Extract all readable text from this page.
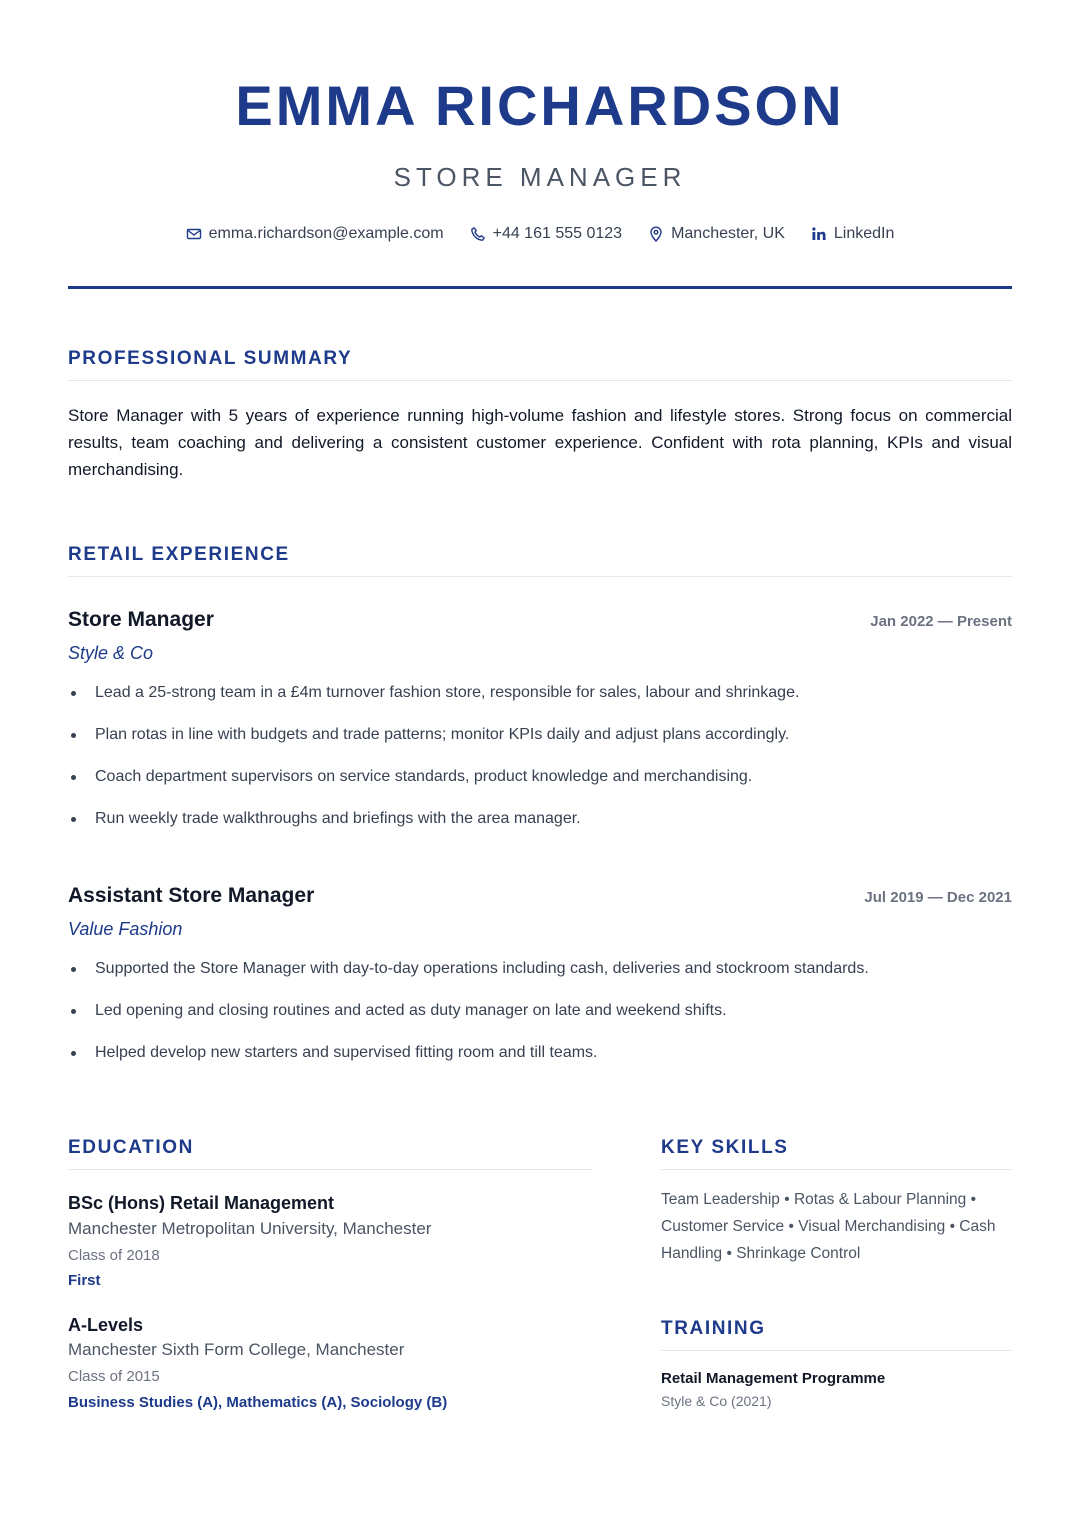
EMMA RICHARDSON
STORE MANAGER
emma.richardson@example.com	+44 161 555 0123	Manchester, UK	LinkedIn
PROFESSIONAL SUMMARY

Store Manager with 5 years of experience running high-volume fashion and lifestyle stores. Strong focus on commercial results, team coaching and delivering a consistent customer experience. Confident with rota planning, KPIs and visual merchandising.

RETAIL EXPERIENCE
Store Manager	Jan 2022 — Present
Style & Co
Lead a 25-strong team in a £4m turnover fashion store, responsible for sales, labour and shrinkage.
Plan rotas in line with budgets and trade patterns; monitor KPIs daily and adjust plans accordingly.
Coach department supervisors on service standards, product knowledge and merchandising.
Run weekly trade walkthroughs and briefings with the area manager.
Assistant Store Manager	Jul 2019 — Dec 2021
Value Fashion
Supported the Store Manager with day-to-day operations including cash, deliveries and stockroom standards.
Led opening and closing routines and acted as duty manager on late and weekend shifts.
Helped develop new starters and supervised fitting room and till teams.
EDUCATION
BSc (Hons) Retail Management
Manchester Metropolitan University, Manchester
Class of 2018
First
A-Levels
Manchester Sixth Form College, Manchester
Class of 2015
Business Studies (A), Mathematics (A), Sociology (B)
KEY SKILLS
Team Leadership • Rotas & Labour Planning • Customer Service • Visual Merchandising • Cash Handling • Shrinkage Control
TRAINING
Retail Management Programme
Style & Co (2021)
